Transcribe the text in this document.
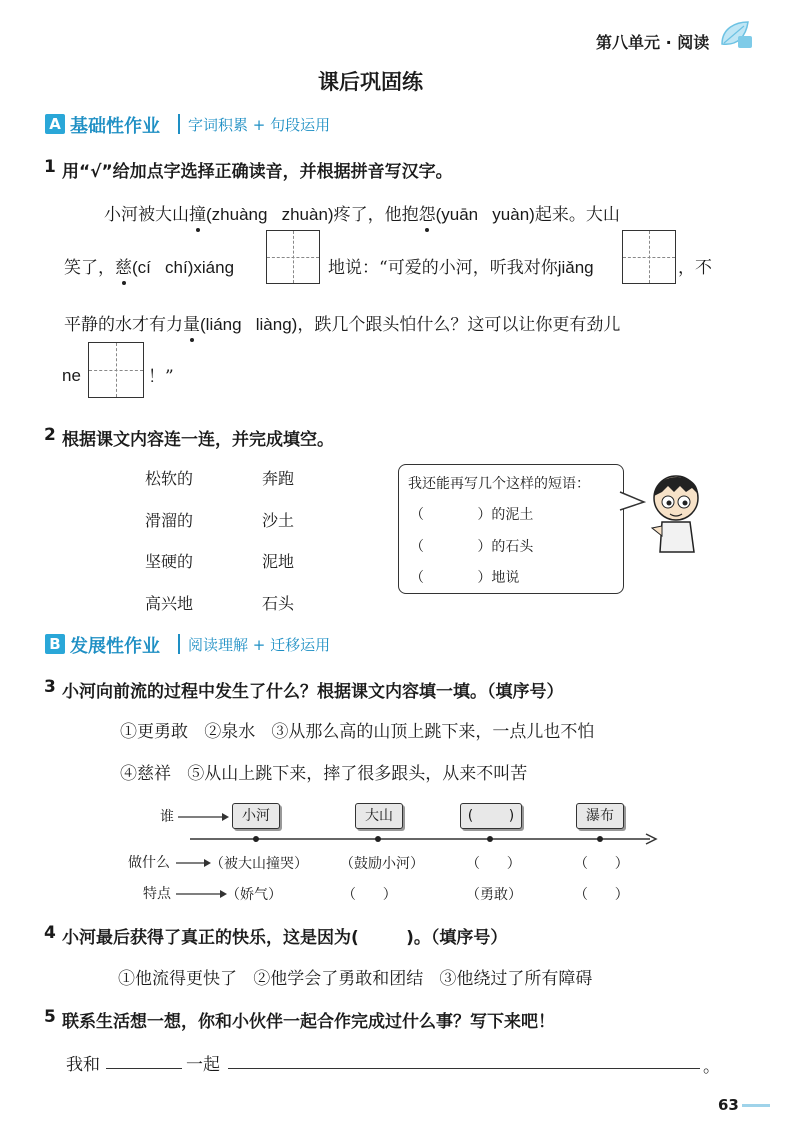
第八单元 · 阅读
课后巩固练
A 基础性作业 字词积累 + 句段运用
1 用“√”给加点字选择正确读音，并根据拼音写汉字。
小河被大山撞(zhuàng   zhuàn)疼了，他抱怨(yuān   yuàn)起来。大山
笑了，慈(cí   chí)xiáng	地说：“可爱的小河，听我对你jiǎng	，不
平静的水才有力量(liáng   liàng)，跌几个跟头怕什么？这可以让你更有劲儿
ne	！”
2 根据课文内容连一连，并完成填空。
松软的
滑溜的
坚硬的
高兴地
奔跑
沙土
泥地
石头
我还能再写几个这样的短语：
（            ）的泥土
（            ）的石头
（            ）地说
B 发展性作业 阅读理解 + 迁移运用
3 小河向前流的过程中发生了什么？根据课文内容填一填。（填序号）
①更勇敢   ②泉水   ③从那么高的山顶上跳下来，一点儿也不怕
④慈祥   ⑤从山上跳下来，摔了很多跟头，从来不叫苦
谁	小河	大山	(        )	瀑布
做什么	（被大山撞哭） （鼓励小河）	（      ）	（      ）
特点	（娇气）	（      ）	（勇敢）	（      ）
4 小河最后获得了真正的快乐，这是因为(        )。（填序号）
①他流得更快了   ②他学会了勇敢和团结   ③他绕过了所有障碍
5 联系生活想一想，你和小伙伴一起合作完成过什么事？写下来吧！
我和	一起	。
63
